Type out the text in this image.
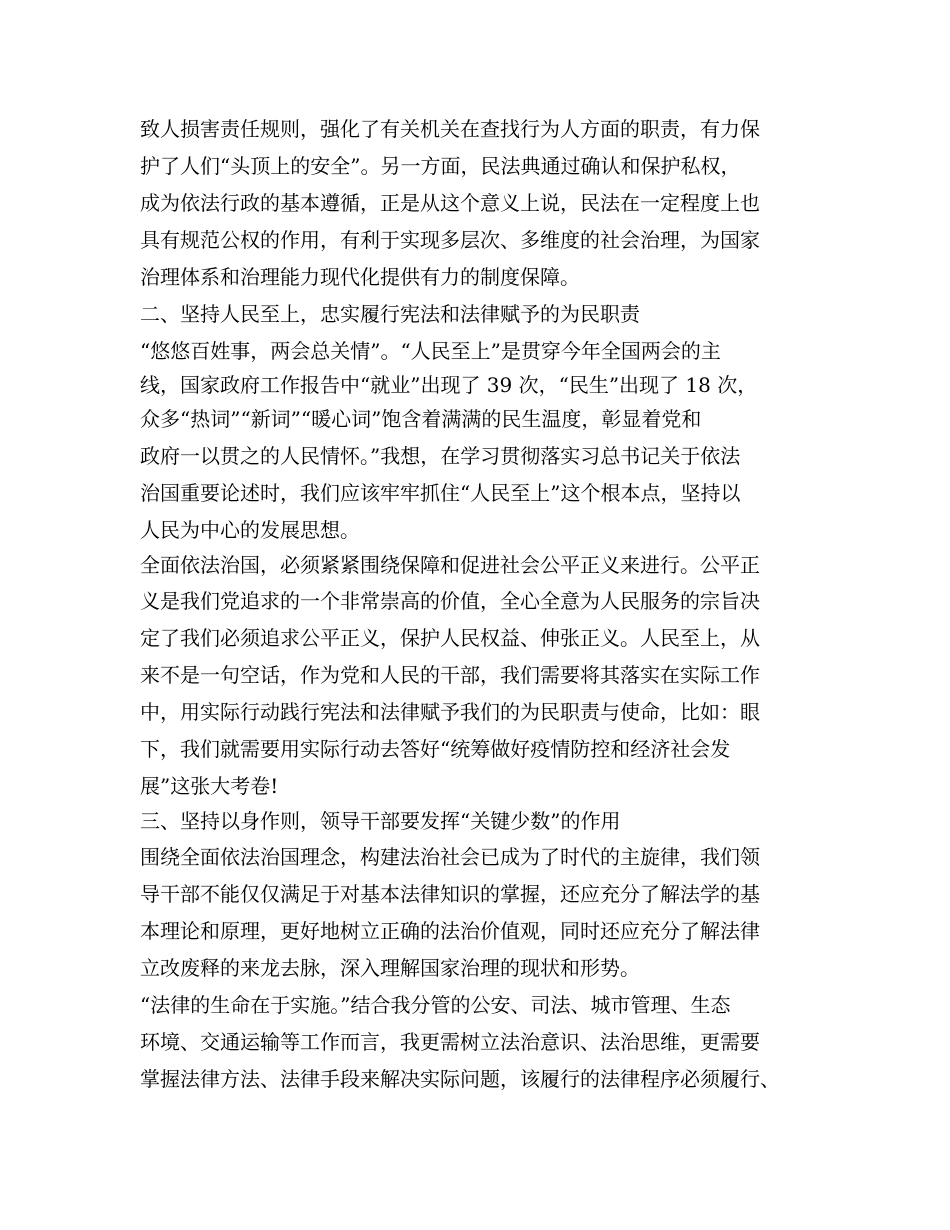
致人损害责任规则，强化了有关机关在查找行为人方面的职责，有力保
护了人们“头顶上的安全”。另一方面，民法典通过确认和保护私权，
成为依法行政的基本遵循，正是从这个意义上说，民法在一定程度上也
具有规范公权的作用，有利于实现多层次、多维度的社会治理，为国家
治理体系和治理能力现代化提供有力的制度保障。
二、坚持人民至上，忠实履行宪法和法律赋予的为民职责
“悠悠百姓事，两会总关情”。“人民至上”是贯穿今年全国两会的主
线，国家政府工作报告中“就业”出现了 39 次，“民生”出现了 18 次，
众多“热词”“新词”“暖心词”饱含着满满的民生温度，彰显着党和
政府一以贯之的人民情怀。”我想，在学习贯彻落实习总书记关于依法
治国重要论述时，我们应该牢牢抓住“人民至上”这个根本点，坚持以
人民为中心的发展思想。
全面依法治国，必须紧紧围绕保障和促进社会公平正义来进行。公平正
义是我们党追求的一个非常崇高的价值，全心全意为人民服务的宗旨决
定了我们必须追求公平正义，保护人民权益、伸张正义。人民至上，从
来不是一句空话，作为党和人民的干部，我们需要将其落实在实际工作
中，用实际行动践行宪法和法律赋予我们的为民职责与使命，比如：眼
下，我们就需要用实际行动去答好“统筹做好疫情防控和经济社会发
展”这张大考卷!
三、坚持以身作则，领导干部要发挥“关键少数”的作用
围绕全面依法治国理念，构建法治社会已成为了时代的主旋律，我们领
导干部不能仅仅满足于对基本法律知识的掌握，还应充分了解法学的基
本理论和原理，更好地树立正确的法治价值观，同时还应充分了解法律
立改废释的来龙去脉，深入理解国家治理的现状和形势。
“法律的生命在于实施。”结合我分管的公安、司法、城市管理、生态
环境、交通运输等工作而言，我更需树立法治意识、法治思维，更需要
掌握法律方法、法律手段来解决实际问题，该履行的法律程序必须履行、
